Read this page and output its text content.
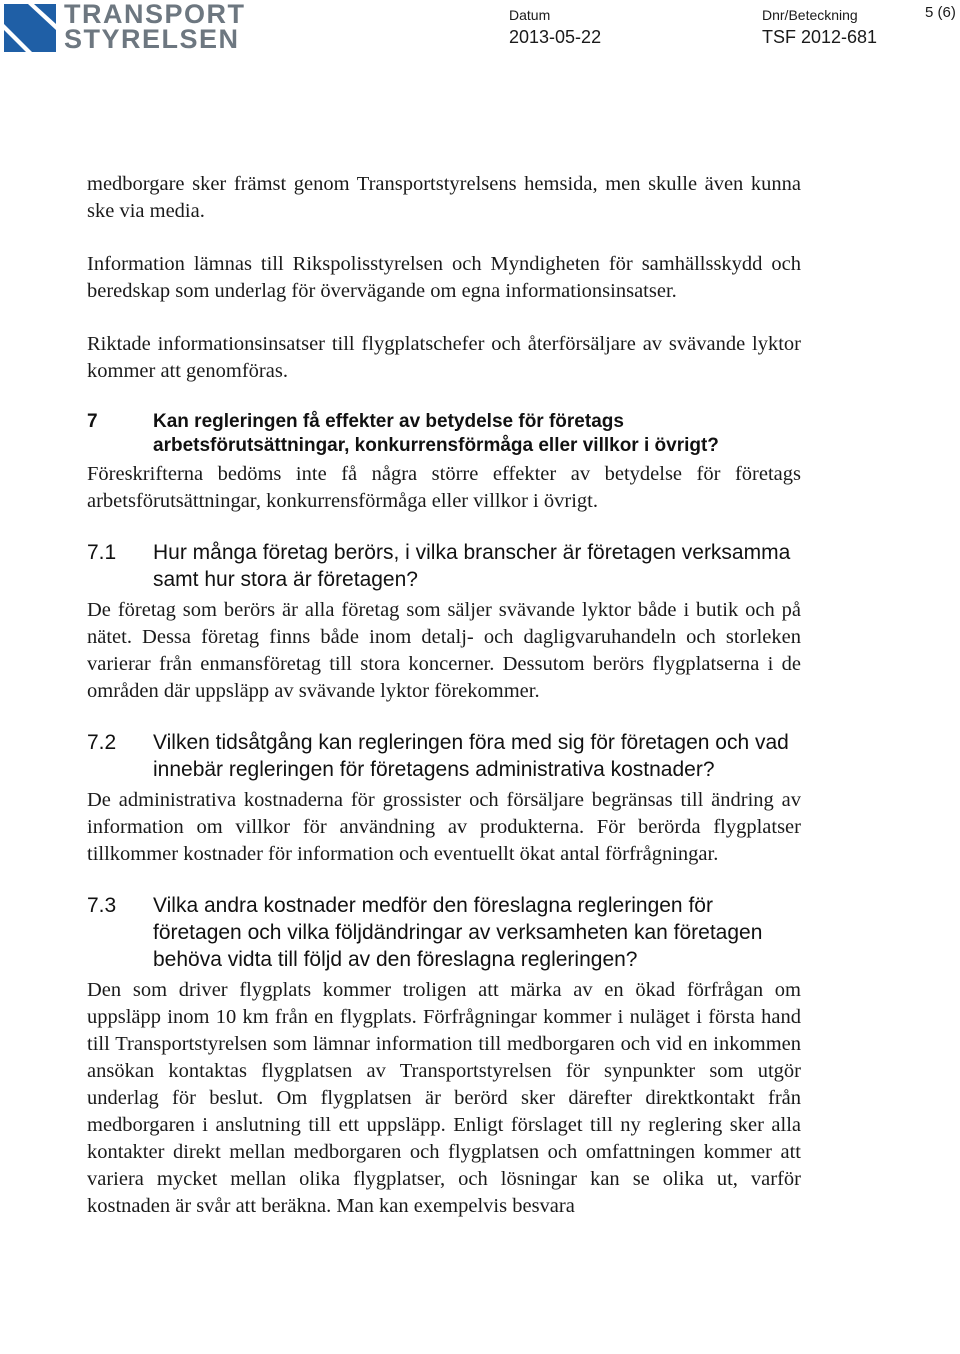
TRANSPORT
STYRELSEN
Datum
2013-05-22
Dnr/Beteckning
TSF 2012-681
5 (6)

medborgare sker främst genom Transportstyrelsens hemsida, men skulle även kunna ske via media.

Information lämnas till Rikspolisstyrelsen och Myndigheten för samhällsskydd och beredskap som underlag för övervägande om egna informationsinsatser.

Riktade informationsinsatser till flygplatschefer och återförsäljare av svävande lyktor kommer att genomföras.

7	Kan regleringen få effekter av betydelse för företags arbetsförutsättningar, konkurrensförmåga eller villkor i övrigt?

Föreskrifterna bedöms inte få några större effekter av betydelse för företags arbetsförutsättningar, konkurrensförmåga eller villkor i övrigt.

7.1	Hur många företag berörs, i vilka branscher är företagen verksamma samt hur stora är företagen?

De företag som berörs är alla företag som säljer svävande lyktor både i butik och på nätet. Dessa företag finns både inom detalj- och dagligvaruhandeln och storleken varierar från enmansföretag till stora koncerner. Dessutom berörs flygplatserna i de områden där uppsläpp av svävande lyktor förekommer.

7.2	Vilken tidsåtgång kan regleringen föra med sig för företagen och vad innebär regleringen för företagens administrativa kostnader?

De administrativa kostnaderna för grossister och försäljare begränsas till ändring av information om villkor för användning av produkterna. För berörda flygplatser tillkommer kostnader för information och eventuellt ökat antal förfrågningar.

7.3	Vilka andra kostnader medför den föreslagna regleringen för företagen och vilka följdändringar av verksamheten kan företagen behöva vidta till följd av den föreslagna regleringen?

Den som driver flygplats kommer troligen att märka av en ökad förfrågan om uppsläpp inom 10 km från en flygplats. Förfrågningar kommer i nuläget i första hand till Transportstyrelsen som lämnar information till medborgaren och vid en inkommen ansökan kontaktas flygplatsen av Transportstyrelsen för synpunkter som utgör underlag för beslut. Om flygplatsen är berörd sker därefter direktkontakt från medborgaren i anslutning till ett uppsläpp. Enligt förslaget till ny reglering sker alla kontakter direkt mellan medborgaren och flygplatsen och omfattningen kommer att variera mycket mellan olika flygplatser, och lösningar kan se olika ut, varför kostnaden är svår att beräkna. Man kan exempelvis besvara
